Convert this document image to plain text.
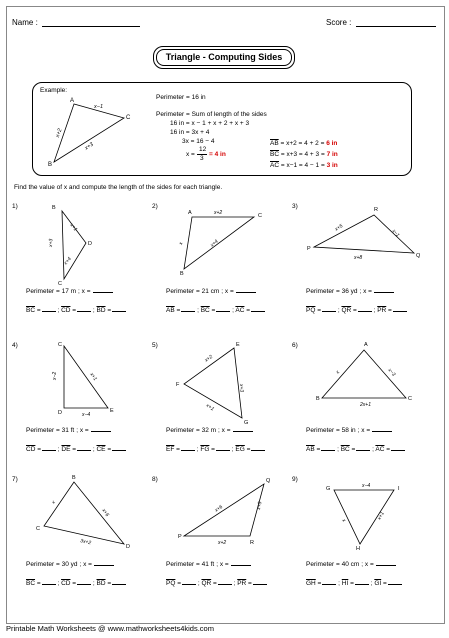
Name :	Score :
Triangle - Computing Sides
Example:
A
B
C
x−1
x+2
x+3
Perimeter = 16 in
Perimeter = Sum of length of the sides
16 in = x − 1 + x + 2 + x + 3
16 in = 3x + 4
3x = 16 − 4
x =
12
3
= 4 in
$\overline{AB} = x+2 = 4 + 2 = 6$ in
$\overline{BC} = x+3 = 4 + 3 = 7$ in
$\overline{AC} = x-1 = 4 - 1 = 3$ in
Find the value of x and compute the length of the sides for each triangle.
1)	B
C
D
x+1
x+4
x+3
Perimeter = 17 m ; x =
$\overline{BC}$ = ; $\overline{CD}$ = ; $\overline{BD}$ =
2)
A
B
C
x+2
x+4
x
Perimeter = 21 cm ; x =
$\overline{AB}$ = ; $\overline{BC}$ = ; $\overline{AC}$ =
3)
P
Q
R
x+5
x−1
x+8
Perimeter = 36 yd ; x =
$\overline{PQ}$ = ; $\overline{QR}$ = ; $\overline{PR}$ =
4)	C
D	E
x−2	x+1
x−4
Perimeter = 31 ft ; x =
$\overline{CD}$ = ; $\overline{DE}$ = ; $\overline{CE}$ =
5)	E
F
G
x+2
x+3
x+1
Perimeter = 32 m ; x =
$\overline{EF}$ = ; $\overline{FG}$ = ; $\overline{EG}$ =
6)	A
B	C
x	x−3
2x+1
Perimeter = 58 in ; x =
$\overline{AB}$ = ; $\overline{BC}$ = ; $\overline{AC}$ =
7)	B
C
D
x
x+6
3x+2
Perimeter = 30 yd ; x =
$\overline{BC}$ = ; $\overline{CD}$ = ; $\overline{BD}$ =
8)
P
Q
R
x+6	x+5
x+2
Perimeter = 41 ft ; x =
$\overline{PQ}$ = ; $\overline{QR}$ = ; $\overline{PR}$ =
9)
G
H
I
x−4
x	x+1
Perimeter = 40 cm ; x =
$\overline{GH}$ = ; $\overline{HI}$ = ; $\overline{GI}$ =
Printable Math Worksheets @ www.mathworksheets4kids.com
